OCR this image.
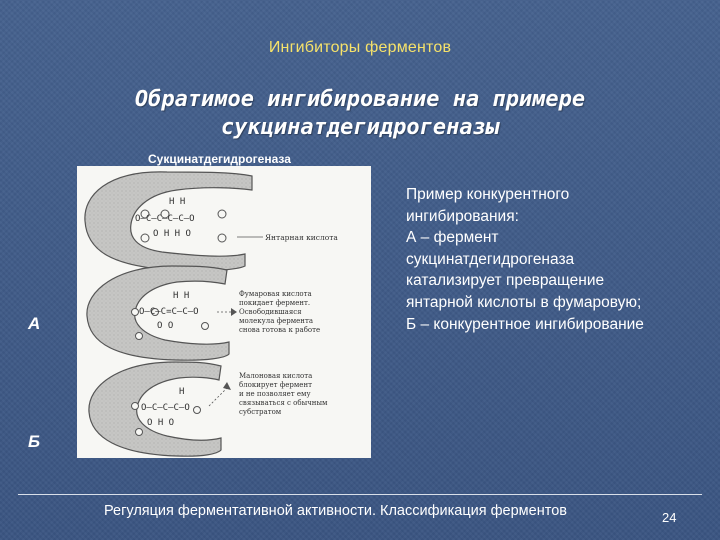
Ингибиторы ферментов
Обратимое ингибирование на примере
сукцинатдегидрогеназы
Сукцинатдегидрогеназа
H H
O–C–C–C–C–O
O H H O	Янтарная кислота
H H
O–C–C=C–C–O
O O
Фумаровая кислота
покидает фермент.
Освободившаяся
молекула фермента
снова готова к работе
H
O–C–C–C–O
O H O
Малоновая кислота
блокирует фермент
и не позволяет ему
связываться с обычным
субстратом
А
Б
Пример конкурентного
ингибирования:
А – фермент
сукцинатдегидрогеназа
катализирует превращение
янтарной кислоты в фумаровую;
Б – конкурентное ингибирование
Регуляция ферментативной активности. Классификация ферментов	24
